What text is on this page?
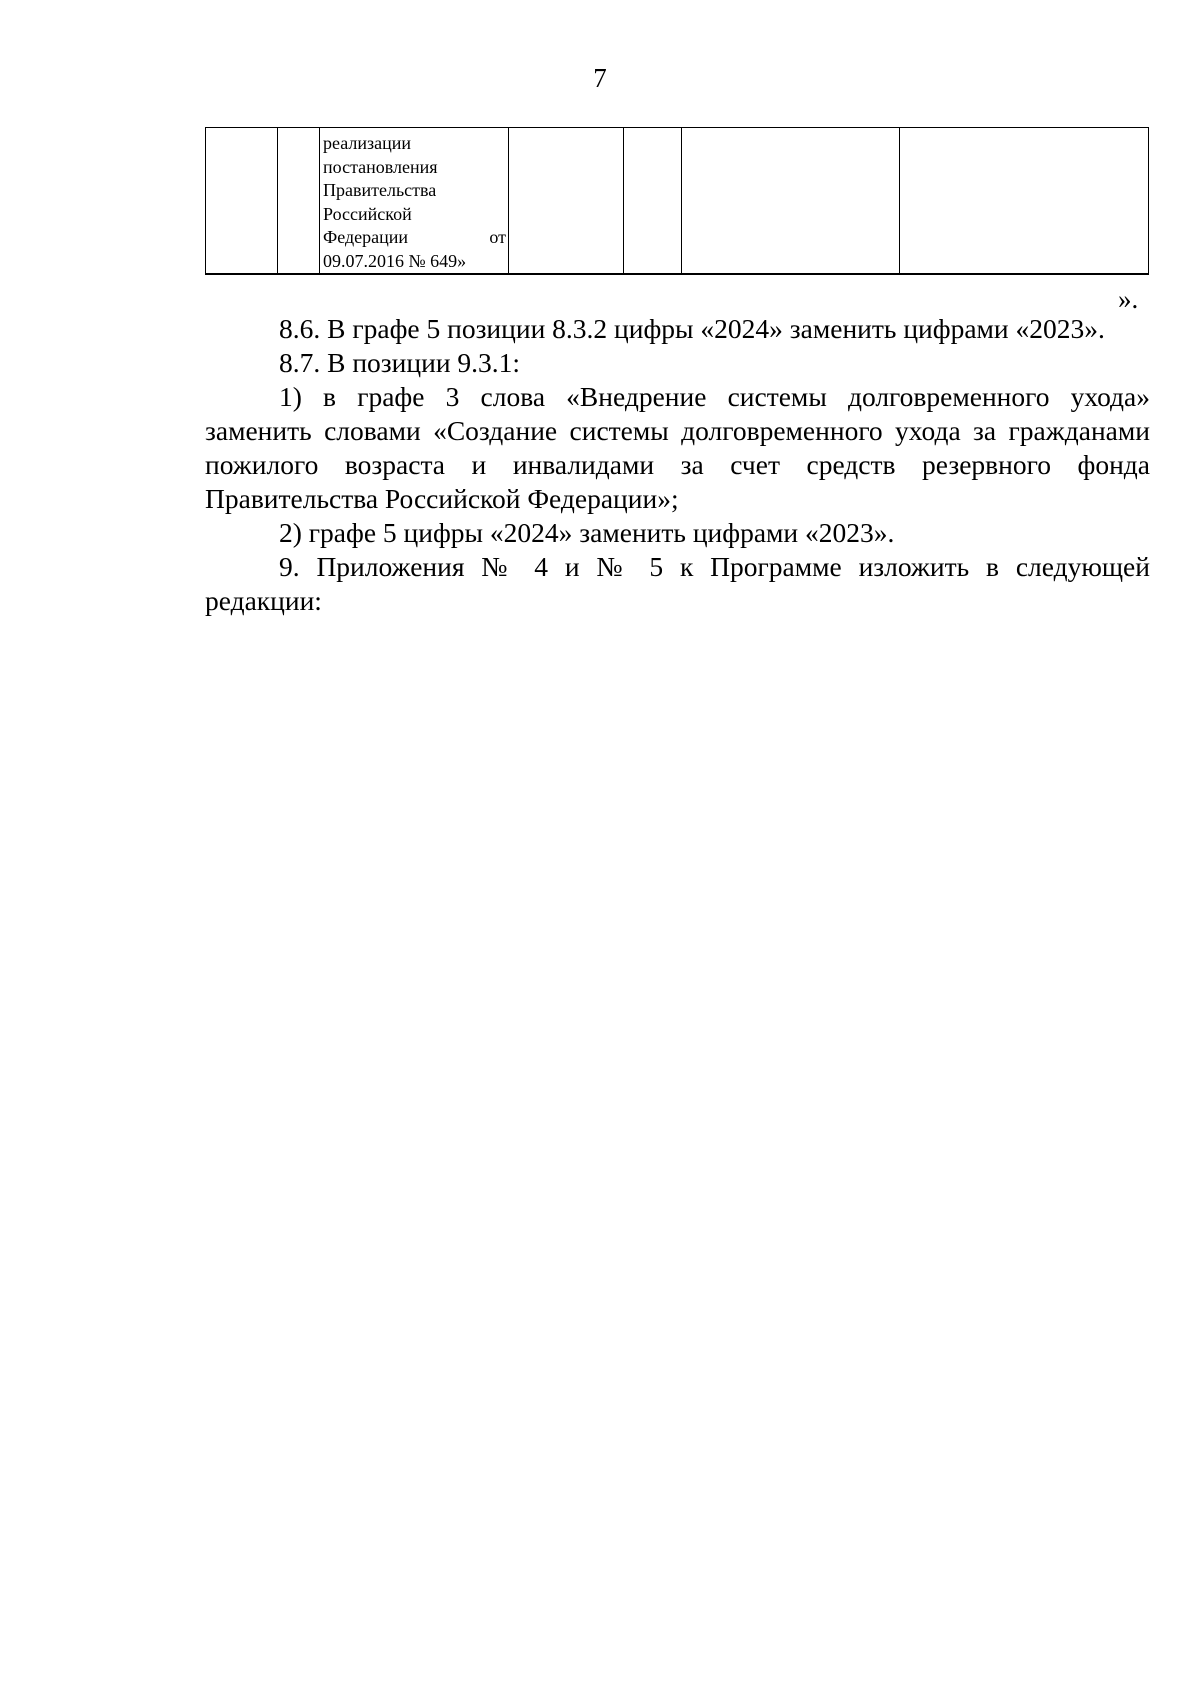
7

реализации
постановления
Правительства
Российской
Федерации	от
09.07.2016 № 649»

».
8.6. В графе 5 позиции 8.3.2 цифры «2024» заменить цифрами «2023».
8.7. В позиции 9.3.1:
1) в графе 3 слова «Внедрение системы долговременного ухода»
заменить словами «Создание системы долговременного ухода за гражданами
пожилого возраста и инвалидами за счет средств резервного фонда
Правительства Российской Федерации»;
2) графе 5 цифры «2024» заменить цифрами «2023».
9. Приложения № 4 и № 5 к Программе изложить в следующей
редакции:
